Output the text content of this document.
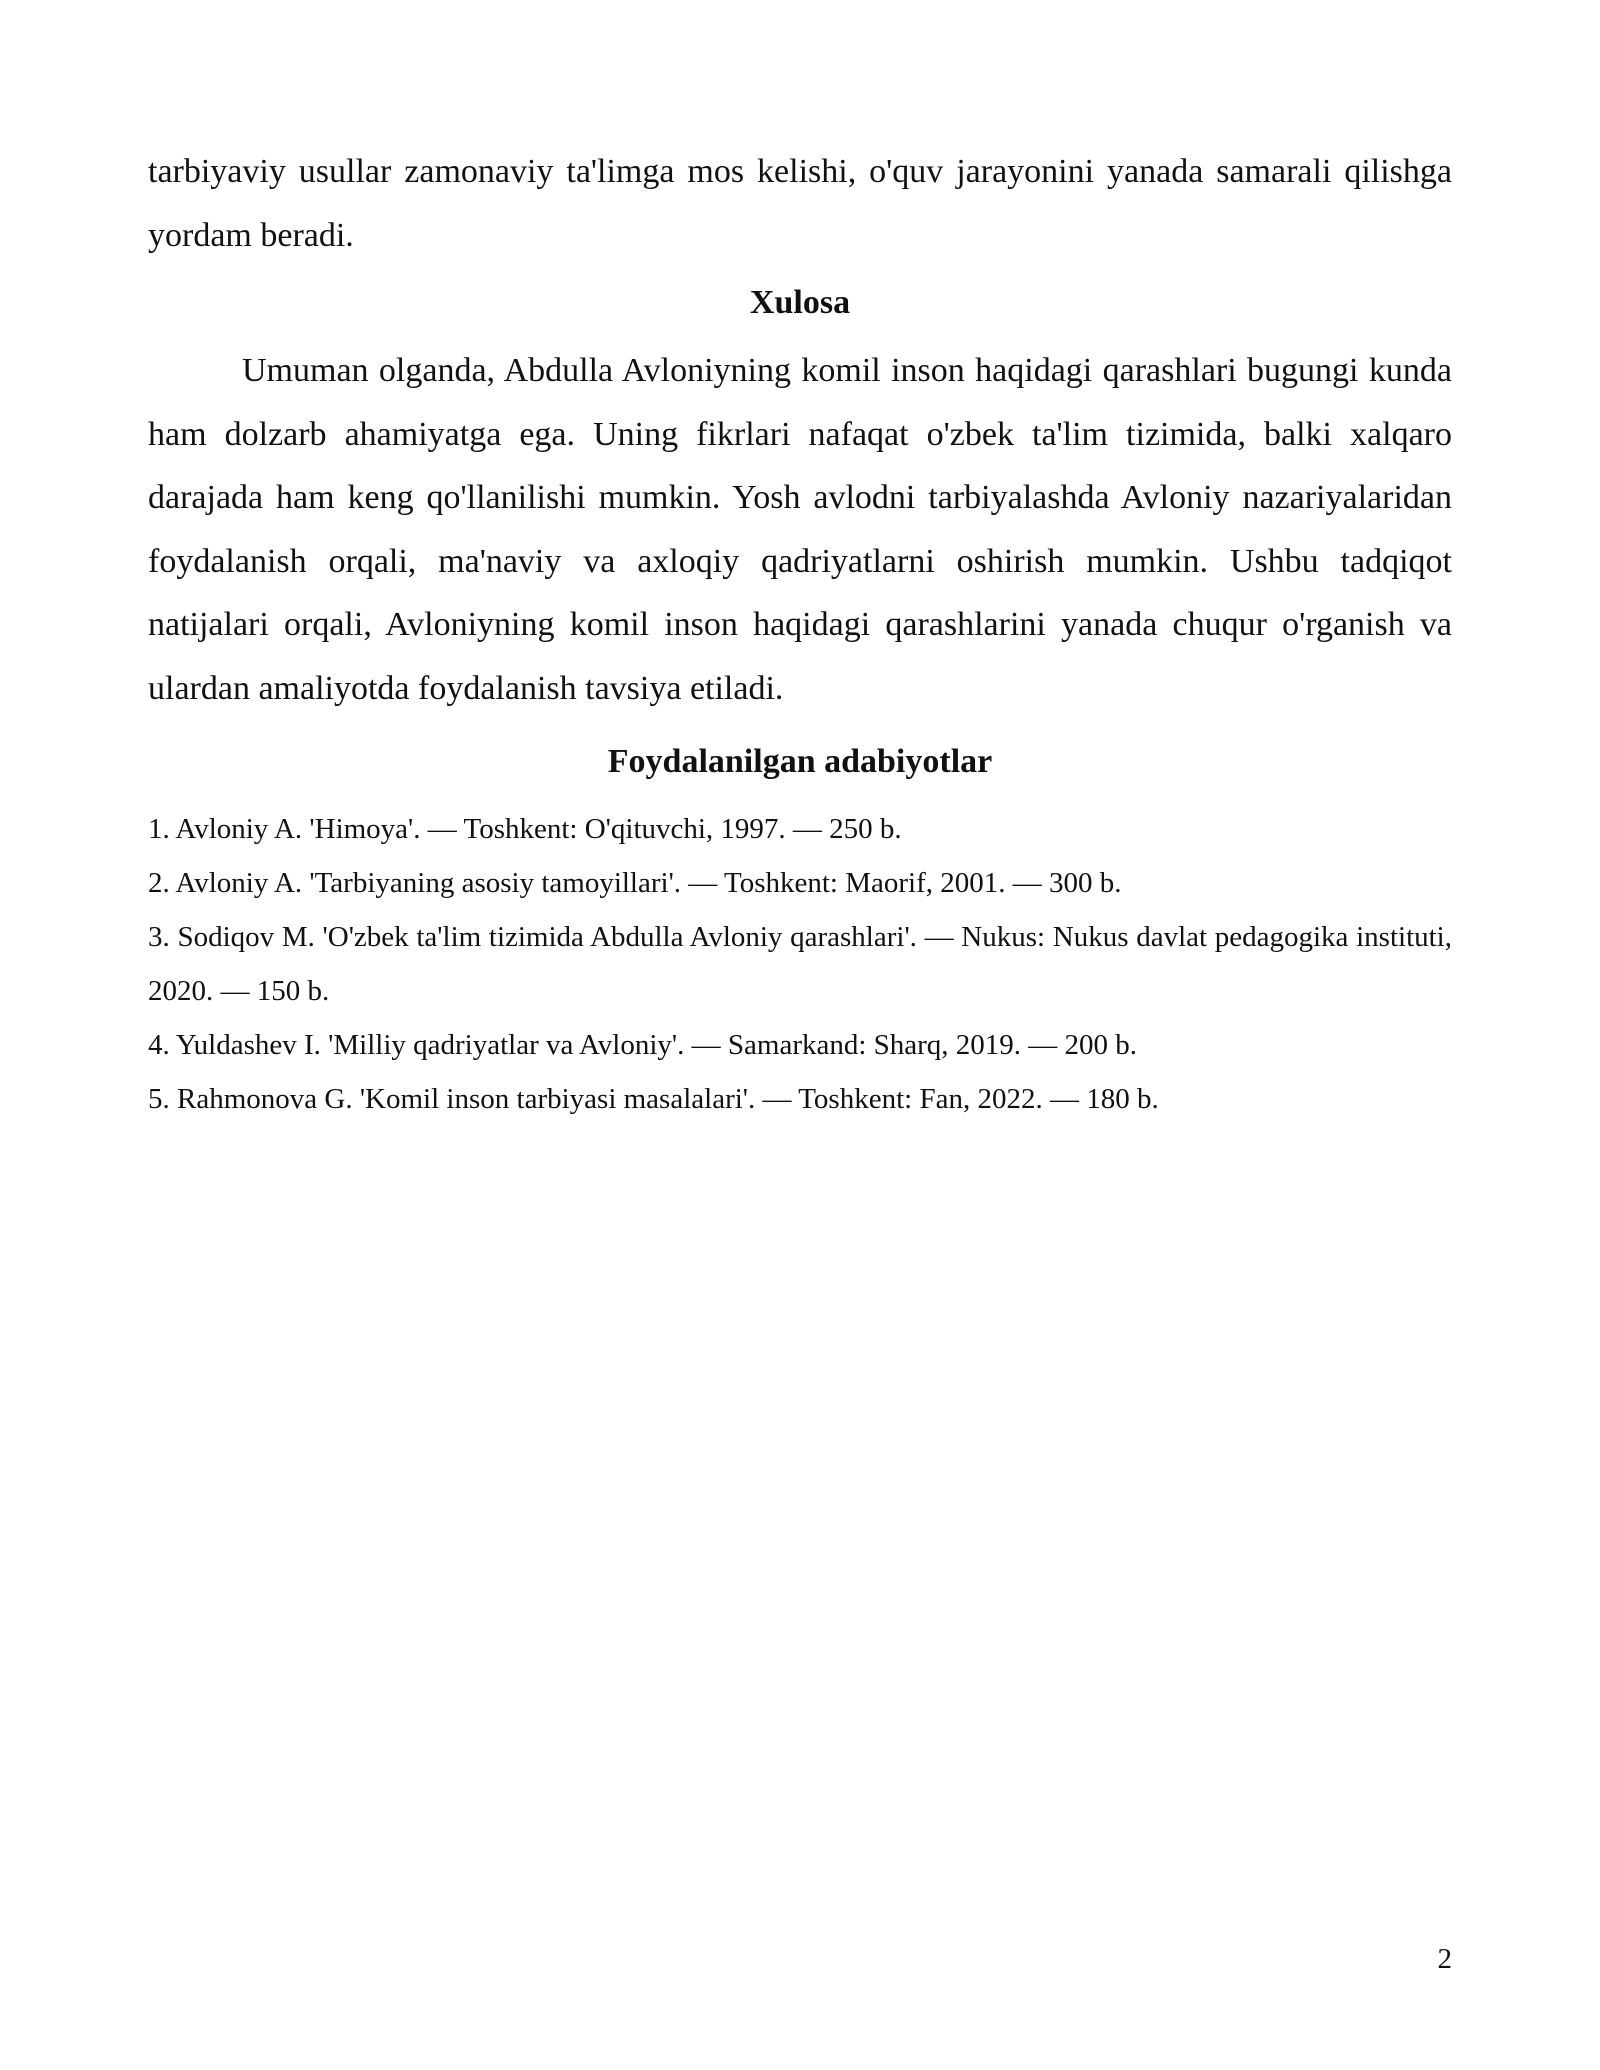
tarbiyaviy usullar zamonaviy ta'limga mos kelishi, o'quv jarayonini yanada samarali qilishga yordam beradi.

Xulosa

Umuman olganda, Abdulla Avloniyning komil inson haqidagi qarashlari bugungi kunda ham dolzarb ahamiyatga ega. Uning fikrlari nafaqat o'zbek ta'lim tizimida, balki xalqaro darajada ham keng qo'llanilishi mumkin. Yosh avlodni tarbiyalashda Avloniy nazariyalaridan foydalanish orqali, ma'naviy va axloqiy qadriyatlarni oshirish mumkin. Ushbu tadqiqot natijalari orqali, Avloniyning komil inson haqidagi qarashlarini yanada chuqur o'rganish va ulardan amaliyotda foydalanish tavsiya etiladi.

Foydalanilgan adabiyotlar
1. Avloniy A. 'Himoya'. — Toshkent: O'qituvchi, 1997. — 250 b.
2. Avloniy A. 'Tarbiyaning asosiy tamoyillari'. — Toshkent: Maorif, 2001. — 300 b.
3. Sodiqov M. 'O'zbek ta'lim tizimida Abdulla Avloniy qarashlari'. — Nukus: Nukus davlat pedagogika instituti, 2020. — 150 b.
4. Yuldashev I. 'Milliy qadriyatlar va Avloniy'. — Samarkand: Sharq, 2019. — 200 b.
5. Rahmonova G. 'Komil inson tarbiyasi masalalari'. — Toshkent: Fan, 2022. — 180 b.
2
